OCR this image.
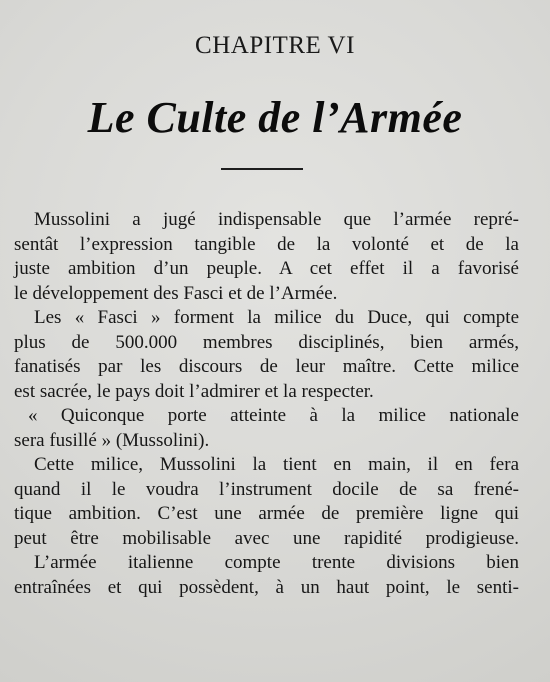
CHAPITRE VI
Le Culte de l’Armée
Mussolini a jugé indispensable que l’armée repré-
sentât l’expression tangible de la volonté et de la
juste ambition d’un peuple. A cet effet il a favorisé
le développement des Fasci et de l’Armée.
Les « Fasci » forment la milice du Duce, qui compte
plus de 500.000 membres disciplinés, bien armés,
fanatisés par les discours de leur maître. Cette milice
est sacrée, le pays doit l’admirer et la respecter.
« Quiconque porte atteinte à la milice nationale
sera fusillé » (Mussolini).
Cette milice, Mussolini la tient en main, il en fera
quand il le voudra l’instrument docile de sa frené-
tique ambition. C’est une armée de première ligne qui
peut être mobilisable avec une rapidité prodigieuse.
L’armée italienne compte trente divisions bien
entraînées et qui possèdent, à un haut point, le senti-
